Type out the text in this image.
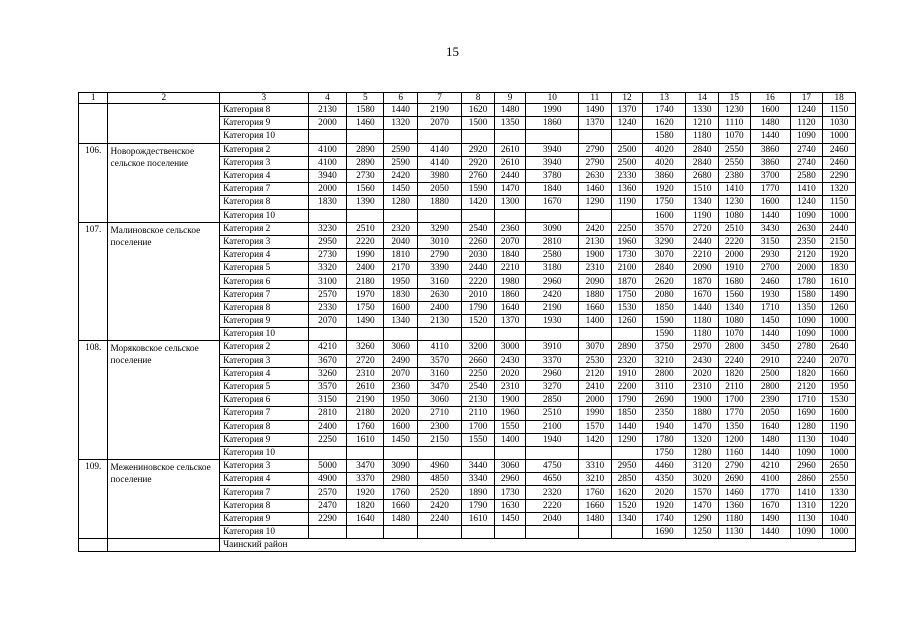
15
1	2	3	4	5	6	7	8	9	10	11	12	13	14	15	16	17	18
		Категория 8	2130	1580	1440	2190	1620	1480	1990	1490	1370	1740	1330	1230	1600	1240	1150
		Категория 9	2000	1460	1320	2070	1500	1350	1860	1370	1240	1620	1210	1110	1480	1120	1030
		Категория 10										1580	1180	1070	1440	1090	1000
106.	Новорождественское сельское поселение	Категория 2	4100	2890	2590	4140	2920	2610	3940	2790	2500	4020	2840	2550	3860	2740	2460
		Категория 3	4100	2890	2590	4140	2920	2610	3940	2790	2500	4020	2840	2550	3860	2740	2460
		Категория 4	3940	2730	2420	3980	2760	2440	3780	2630	2330	3860	2680	2380	3700	2580	2290
		Категория 7	2000	1560	1450	2050	1590	1470	1840	1460	1360	1920	1510	1410	1770	1410	1320
		Категория 8	1830	1390	1280	1880	1420	1300	1670	1290	1190	1750	1340	1230	1600	1240	1150
		Категория 10										1600	1190	1080	1440	1090	1000
107.	Малиновское сельское поселение	Категория 2	3230	2510	2320	3290	2540	2360	3090	2420	2250	3570	2720	2510	3430	2630	2440
		Категория 3	2950	2220	2040	3010	2260	2070	2810	2130	1960	3290	2440	2220	3150	2350	2150
		Категория 4	2730	1990	1810	2790	2030	1840	2580	1900	1730	3070	2210	2000	2930	2120	1920
		Категория 5	3320	2400	2170	3390	2440	2210	3180	2310	2100	2840	2090	1910	2700	2000	1830
		Категория 6	3100	2180	1950	3160	2220	1980	2960	2090	1870	2620	1870	1680	2460	1780	1610
		Категория 7	2570	1970	1830	2630	2010	1860	2420	1880	1750	2080	1670	1560	1930	1580	1490
		Категория 8	2330	1750	1600	2400	1790	1640	2190	1660	1530	1850	1440	1340	1710	1350	1260
		Категория 9	2070	1490	1340	2130	1520	1370	1930	1400	1260	1590	1180	1080	1450	1090	1000
		Категория 10										1590	1180	1070	1440	1090	1000
108.	Моряковское сельское поселение	Категория 2	4210	3260	3060	4110	3200	3000	3910	3070	2890	3750	2970	2800	3450	2780	2640
		Категория 3	3670	2720	2490	3570	2660	2430	3370	2530	2320	3210	2430	2240	2910	2240	2070
		Категория 4	3260	2310	2070	3160	2250	2020	2960	2120	1910	2800	2020	1820	2500	1820	1660
		Категория 5	3570	2610	2360	3470	2540	2310	3270	2410	2200	3110	2310	2110	2800	2120	1950
		Категория 6	3150	2190	1950	3060	2130	1900	2850	2000	1790	2690	1900	1700	2390	1710	1530
		Категория 7	2810	2180	2020	2710	2110	1960	2510	1990	1850	2350	1880	1770	2050	1690	1600
		Категория 8	2400	1760	1600	2300	1700	1550	2100	1570	1440	1940	1470	1350	1640	1280	1190
		Категория 9	2250	1610	1450	2150	1550	1400	1940	1420	1290	1780	1320	1200	1480	1130	1040
		Категория 10										1750	1280	1160	1440	1090	1000
109.	Межениновское сельское поселение	Категория 3	5000	3470	3090	4960	3440	3060	4750	3310	2950	4460	3120	2790	4210	2960	2650
		Категория 4	4900	3370	2980	4850	3340	2960	4650	3210	2850	4350	3020	2690	4100	2860	2550
		Категория 7	2570	1920	1760	2520	1890	1730	2320	1760	1620	2020	1570	1460	1770	1410	1330
		Категория 8	2470	1820	1660	2420	1790	1630	2220	1660	1520	1920	1470	1360	1670	1310	1220
		Категория 9	2290	1640	1480	2240	1610	1450	2040	1480	1340	1740	1290	1180	1490	1130	1040
		Категория 10										1690	1250	1130	1440	1090	1000
		Чаинский район															
